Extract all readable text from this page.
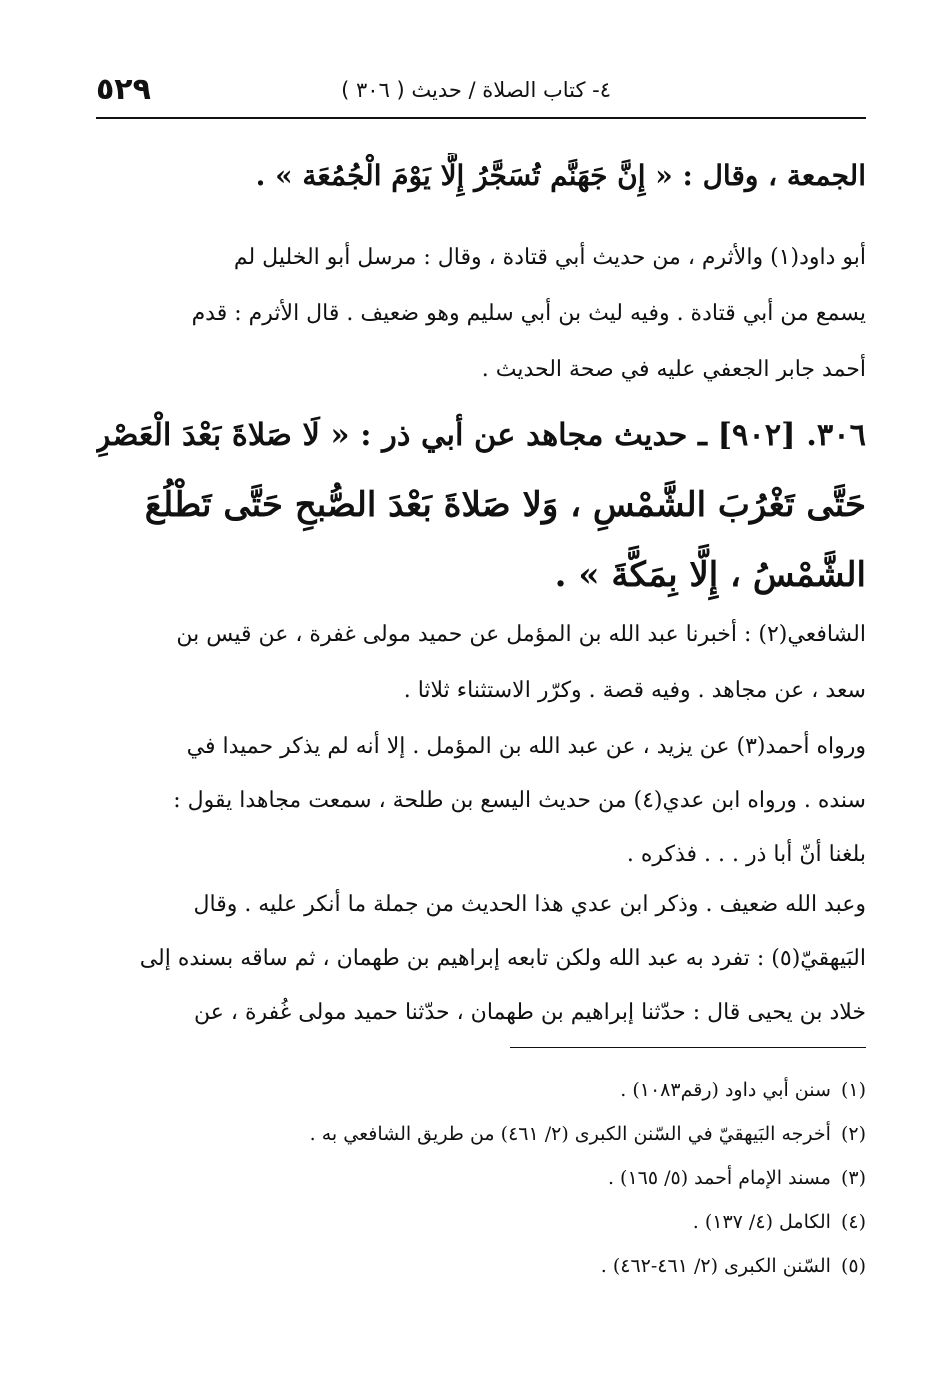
٥٢٩	٤- كتاب الصلاة / حديث ( ٣٠٦ )
الجمعة ، وقال : « إِنَّ جَهَنَّم تُسَجَّرُ إِلَّا يَوْمَ الْجُمُعَة » .
أبو داود(١) والأثرم ، من حديث أبي قتادة ، وقال : مرسل أبو الخليل لم
يسمع من أبي قتادة . وفيه ليث بن أبي سليم وهو ضعيف . قال الأثرم : قدم
أحمد جابر الجعفي عليه في صحة الحديث .
٣٠٦. [٩٠٢] ـ حديث مجاهد عن أبي ذر : « لَا صَلاةَ بَعْدَ الْعَصْرِ
حَتَّى تَغْرُبَ الشَّمْسِ ، وَلا صَلاةَ بَعْدَ الصُّبحِ حَتَّى تَطْلُعَ
الشَّمْسُ ، إِلَّا بِمَكَّةَ » .
الشافعي(٢) : أخبرنا عبد الله بن المؤمل عن حميد مولى غفرة ، عن قيس بن
سعد ، عن مجاهد . وفيه قصة . وكرّر الاستثناء ثلاثا .
ورواه أحمد(٣) عن يزيد ، عن عبد الله بن المؤمل . إلا أنه لم يذكر حميدا في
سنده . ورواه ابن عدي(٤) من حديث اليسع بن طلحة ، سمعت مجاهدا يقول :
بلغنا أنّ أبا ذر . . . فذكره .
وعبد الله ضعيف . وذكر ابن عدي هذا الحديث من جملة ما أنكر عليه . وقال
البَيهقيّ(٥) : تفرد به عبد الله ولكن تابعه إبراهيم بن طهمان ، ثم ساقه بسنده إلى
خلاد بن يحيى قال : حدّثنا إبراهيم بن طهمان ، حدّثنا حميد مولى غُفرة ، عن
(١)سنن أبي داود (رقم١٠٨٣) .
(٢)أخرجه البَيهقيّ في السّنن الكبرى (٢/ ٤٦١) من طريق الشافعي به .
(٣)مسند الإمام أحمد (٥/ ١٦٥) .
(٤)الكامل (٤/ ١٣٧) .
(٥)السّنن الكبرى (٢/ ٤٦١-٤٦٢) .
